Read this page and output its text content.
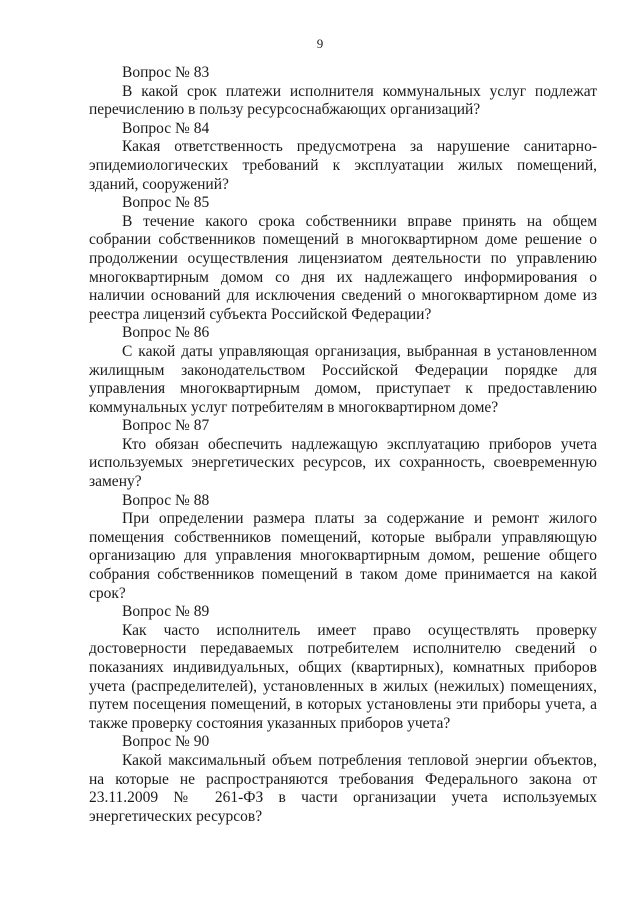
9
Вопрос № 83
В какой срок платежи исполнителя коммунальных услуг подлежат перечислению в пользу ресурсоснабжающих организаций?
Вопрос № 84
Какая ответственность предусмотрена за нарушение санитарно-эпидемиологических требований к эксплуатации жилых помещений, зданий, сооружений?
Вопрос № 85
В течение какого срока собственники вправе принять на общем собрании собственников помещений в многоквартирном доме решение о продолжении осуществления лицензиатом деятельности по управлению многоквартирным домом со дня их надлежащего информирования о наличии оснований для исключения сведений о многоквартирном доме из реестра лицензий субъекта Российской Федерации?
Вопрос № 86
С какой даты управляющая организация, выбранная в установленном жилищным законодательством Российской Федерации порядке для управления многоквартирным домом, приступает к предоставлению коммунальных услуг потребителям в многоквартирном доме?
Вопрос № 87
Кто обязан обеспечить надлежащую эксплуатацию приборов учета используемых энергетических ресурсов, их сохранность, своевременную замену?
Вопрос № 88
При определении размера платы за содержание и ремонт жилого помещения собственников помещений, которые выбрали управляющую организацию для управления многоквартирным домом, решение общего собрания собственников помещений в таком доме принимается на какой срок?
Вопрос № 89
Как часто исполнитель имеет право осуществлять проверку достоверности передаваемых потребителем исполнителю сведений о показаниях индивидуальных, общих (квартирных), комнатных приборов учета (распределителей), установленных в жилых (нежилых) помещениях, путем посещения помещений, в которых установлены эти приборы учета, а также проверку состояния указанных приборов учета?
Вопрос № 90
Какой максимальный объем потребления тепловой энергии объектов, на которые не распространяются требования Федерального закона от 23.11.2009 № 261-ФЗ в части организации учета используемых энергетических ресурсов?
